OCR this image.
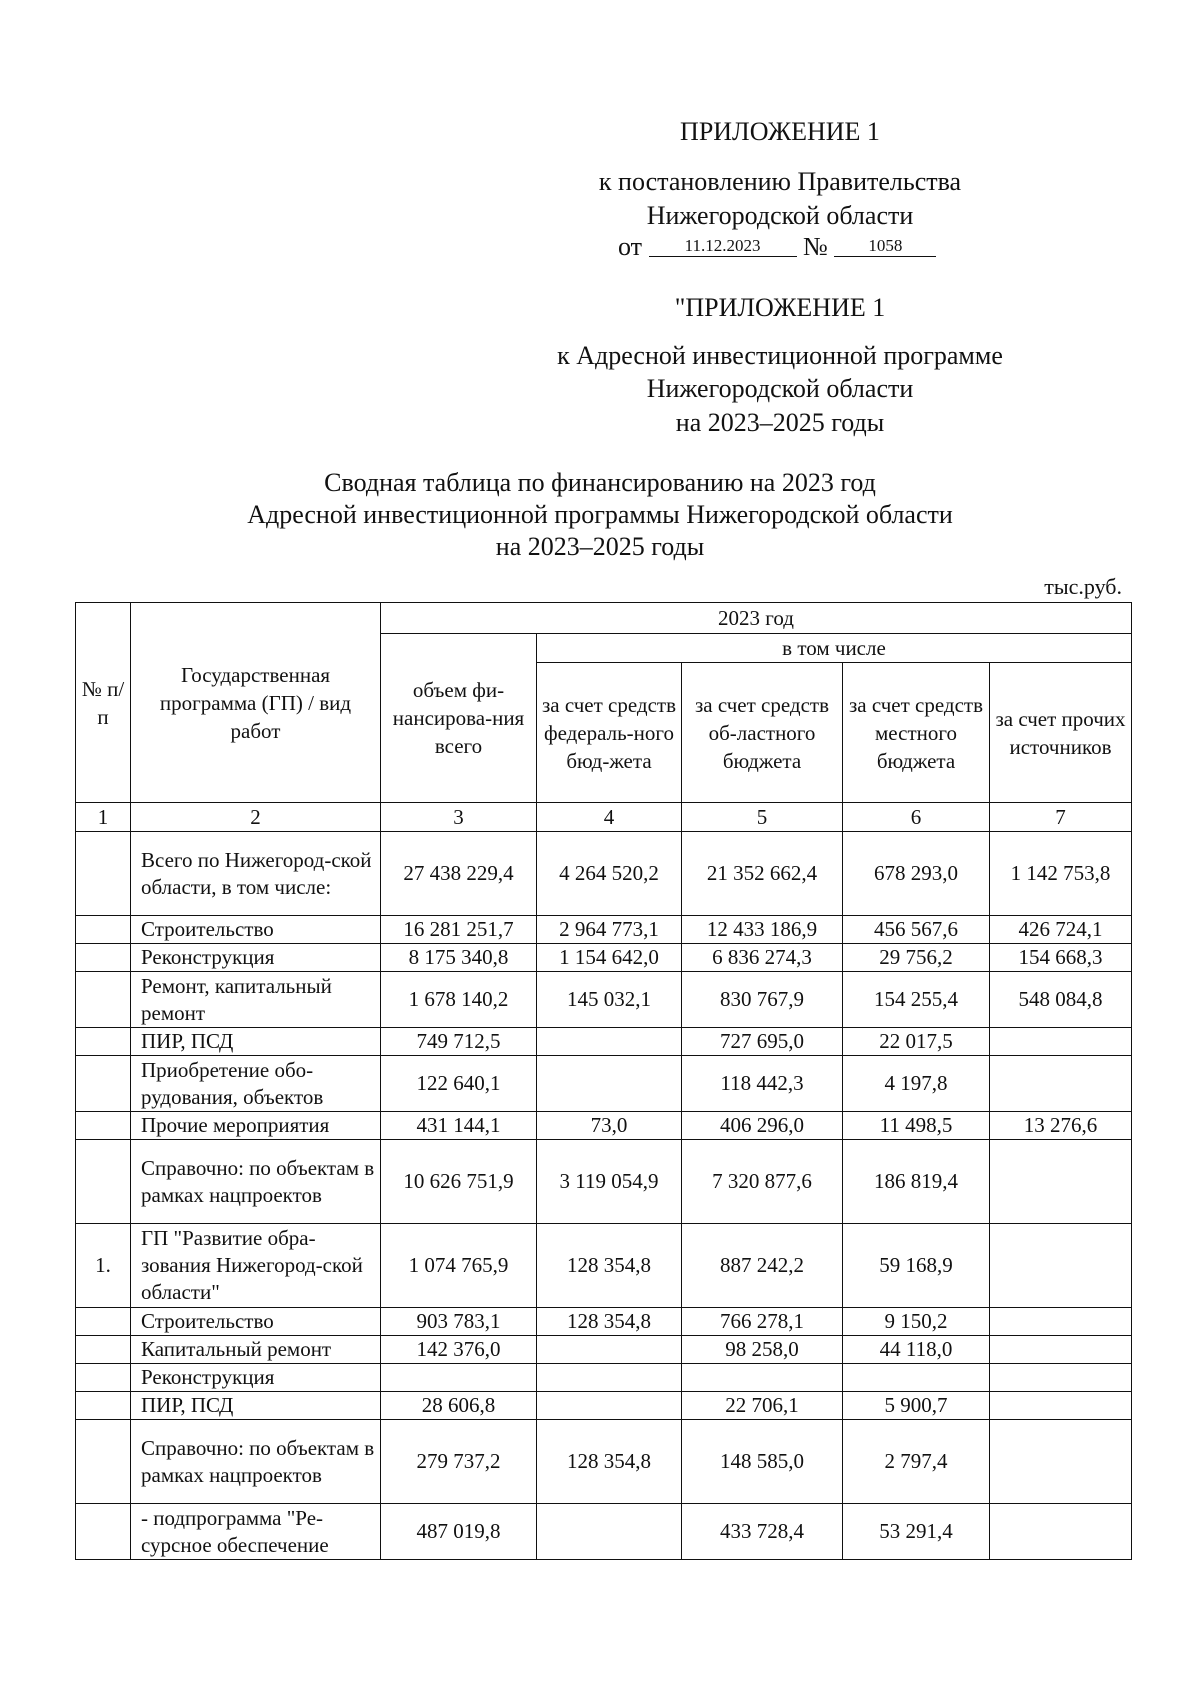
ПРИЛОЖЕНИЕ 1
к постановлению Правительства
Нижегородской области
от	11.12.2023 № 1058
"ПРИЛОЖЕНИЕ 1
к Адресной инвестиционной программе
Нижегородской области
на 2023–2025 годы
Сводная таблица по финансированию на 2023 год
Адресной инвестиционной программы Нижегородской области
на 2023–2025 годы
тыс.руб.
№ п/п	Государственная программа (ГП) / вид работ	2023 год				
		объем фи-нансирова-ния всего	в том числе			
			за счет средств федераль-ного бюд-жета	за счет средств об-ластного бюджета	за счет средств местного бюджета	за счет прочих источников
1	2	3	4	5	6	7
	Всего по Нижегород-ской области, в том числе:	27 438 229,4	4 264 520,2	21 352 662,4	678 293,0	1 142 753,8
	Строительство	16 281 251,7	2 964 773,1	12 433 186,9	456 567,6	426 724,1
	Реконструкция	8 175 340,8	1 154 642,0	6 836 274,3	29 756,2	154 668,3
	Ремонт, капитальный ремонт	1 678 140,2	145 032,1	830 767,9	154 255,4	548 084,8
	ПИР, ПСД	749 712,5		727 695,0	22 017,5	
	Приобретение обо-рудования, объектов	122 640,1		118 442,3	4 197,8	
	Прочие мероприятия	431 144,1	73,0	406 296,0	11 498,5	13 276,6
	Справочно: по объектам в рамках нацпроектов	10 626 751,9	3 119 054,9	7 320 877,6	186 819,4	
1.	ГП "Развитие обра-зования Нижегород-ской области"	1 074 765,9	128 354,8	887 242,2	59 168,9	
	Строительство	903 783,1	128 354,8	766 278,1	9 150,2	
	Капитальный ремонт	142 376,0		98 258,0	44 118,0	
	Реконструкция					
	ПИР, ПСД	28 606,8		22 706,1	5 900,7	
	Справочно: по объектам в рамках нацпроектов	279 737,2	128 354,8	148 585,0	2 797,4	
	- подпрограмма "Ре-сурсное обеспечение	487 019,8		433 728,4	53 291,4	
